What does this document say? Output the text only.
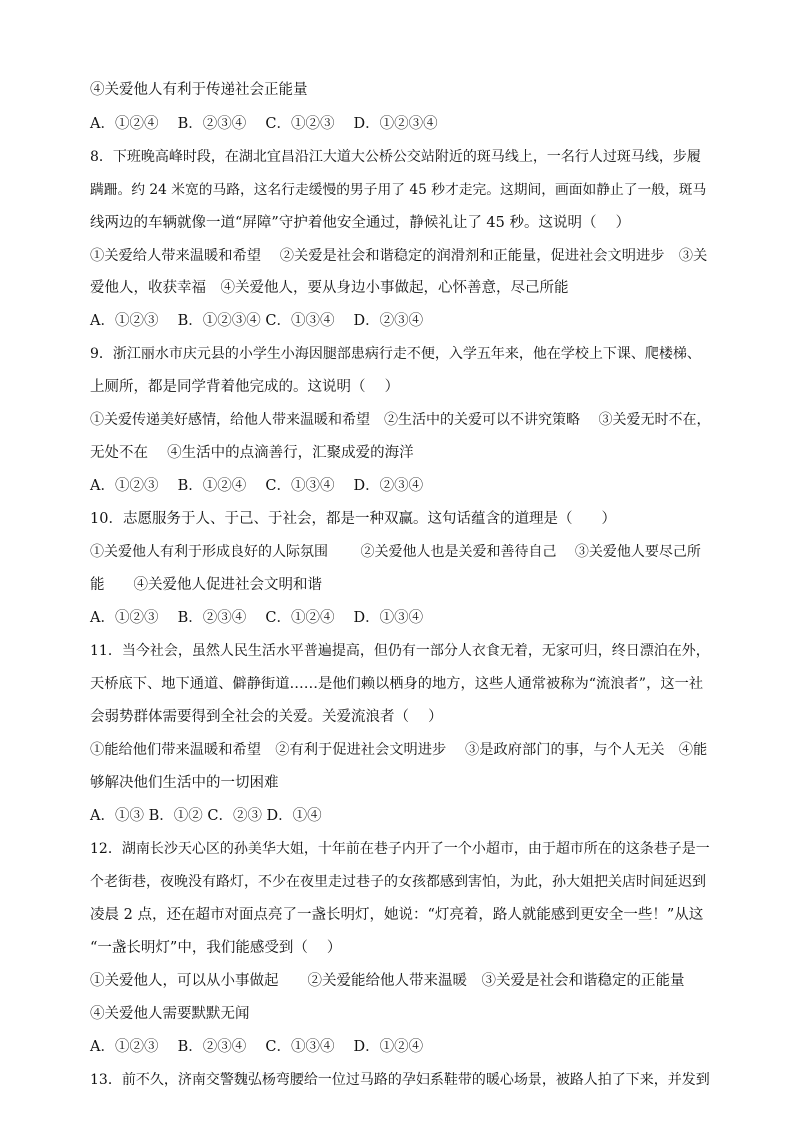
④关爱他人有利于传递社会正能量
A．①②④　 B．②③④　 C．①②③　 D．①②③④
8．下班晚高峰时段，在湖北宜昌沿江大道大公桥公交站附近的斑马线上，一名行人过斑马线，步履
蹒跚。约 24 米宽的马路，这名行走缓慢的男子用了 45 秒才走完。这期间，画面如静止了一般，斑马
线两边的车辆就像一道“屏障”守护着他安全通过，静候礼让了 45 秒。这说明（　 ）
①关爱给人带来温暖和希望　 ②关爱是社会和谐稳定的润滑剂和正能量，促进社会文明进步　③关
爱他人，收获幸福　④关爱他人，要从身边小事做起，心怀善意，尽己所能
A．①②③　 B．①②③④ C．①③④　 D．②③④
9．浙江丽水市庆元县的小学生小海因腿部患病行走不便，入学五年来，他在学校上下课、爬楼梯、
上厕所，都是同学背着他完成的。这说明（　 ）
①关爱传递美好感情，给他人带来温暖和希望　②生活中的关爱可以不讲究策略　 ③关爱无时不在，
无处不在　 ④生活中的点滴善行，汇聚成爱的海洋
A．①②③　 B．①②④　 C．①③④　 D．②③④
10．志愿服务于人、于己、于社会，都是一种双赢。这句话蕴含的道理是（　　）
①关爱他人有利于形成良好的人际氛围　　 ②关爱他人也是关爱和善待自己　 ③关爱他人要尽己所
能　　④关爱他人促进社会文明和谐
A．①②③　 B．②③④　 C．①②④　 D．①③④
11．当今社会，虽然人民生活水平普遍提高，但仍有一部分人衣食无着，无家可归，终日漂泊在外，
天桥底下、地下通道、僻静街道……是他们赖以栖身的地方，这些人通常被称为“流浪者”，这一社
会弱势群体需要得到全社会的关爱。关爱流浪者（　 ）
①能给他们带来温暖和希望　②有利于促进社会文明进步　 ③是政府部门的事，与个人无关　④能
够解决他们生活中的一切困难
A．①③ B．①② C．②③ D．①④
12．湖南长沙天心区的孙美华大姐，十年前在巷子内开了一个小超市，由于超市所在的这条巷子是一
个老街巷，夜晚没有路灯，不少在夜里走过巷子的女孩都感到害怕，为此，孙大姐把关店时间延迟到
凌晨 2 点，还在超市对面点亮了一盏长明灯，她说：“灯亮着，路人就能感到更安全一些！”从这
“一盏长明灯”中，我们能感受到（　 ）
①关爱他人，可以从小事做起　　②关爱能给他人带来温暖　③关爱是社会和谐稳定的正能量
④关爱他人需要默默无闻
A．①②③　 B．②③④　 C．①③④　 D．①②④
13．前不久，济南交警魏弘杨弯腰给一位过马路的孕妇系鞋带的暖心场景，被路人拍了下来，并发到
